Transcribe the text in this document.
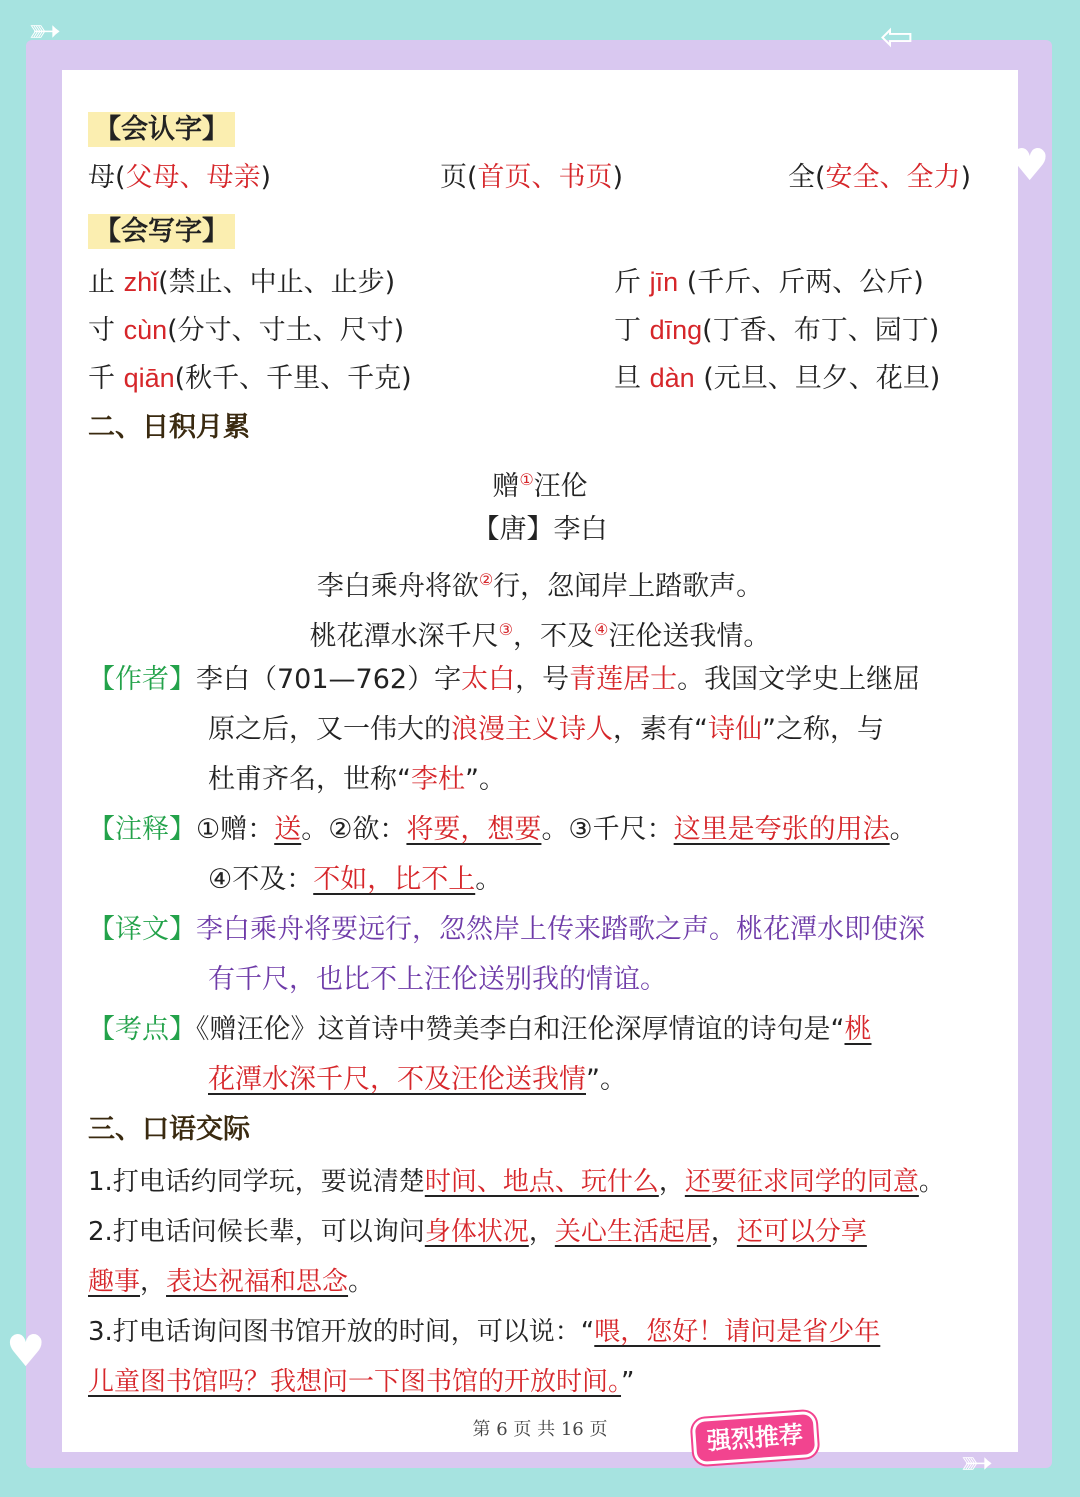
➳	⇦
♥
♥
➳
【会认字】
母(父母、母亲)	页(首页、书页)	全(安全、全力)
【会写字】
止 zhǐ(禁止、中止、止步)	斤 jīn (千斤、斤两、公斤)
寸 cùn(分寸、寸土、尺寸)	丁 dīng(丁香、布丁、园丁)
千 qiān(秋千、千里、千克)	旦 dàn (元旦、旦夕、花旦)
二、日积月累
赠①汪伦
【唐】李白
李白乘舟将欲②行，忽闻岸上踏歌声。
桃花潭水深千尺③，不及④汪伦送我情。
【作者】李白（701—762）字太白，号青莲居士。我国文学史上继屈
原之后，又一伟大的浪漫主义诗人，素有“诗仙”之称，与
杜甫齐名，世称“李杜”。
【注释】①赠：送。②欲：将要，想要。③千尺：这里是夸张的用法。
④不及：不如，比不上。
【译文】李白乘舟将要远行，忽然岸上传来踏歌之声。桃花潭水即使深
有千尺，也比不上汪伦送别我的情谊。
【考点】《赠汪伦》这首诗中赞美李白和汪伦深厚情谊的诗句是“桃
花潭水深千尺，不及汪伦送我情”。
三、口语交际
1.打电话约同学玩，要说清楚时间、地点、玩什么，还要征求同学的同意。
2.打电话问候长辈，可以询问身体状况，关心生活起居，还可以分享
趣事，表达祝福和思念。
3.打电话询问图书馆开放的时间，可以说：“喂，您好！请问是省少年
儿童图书馆吗？我想问一下图书馆的开放时间。”
第 6 页 共 16 页	强烈推荐
